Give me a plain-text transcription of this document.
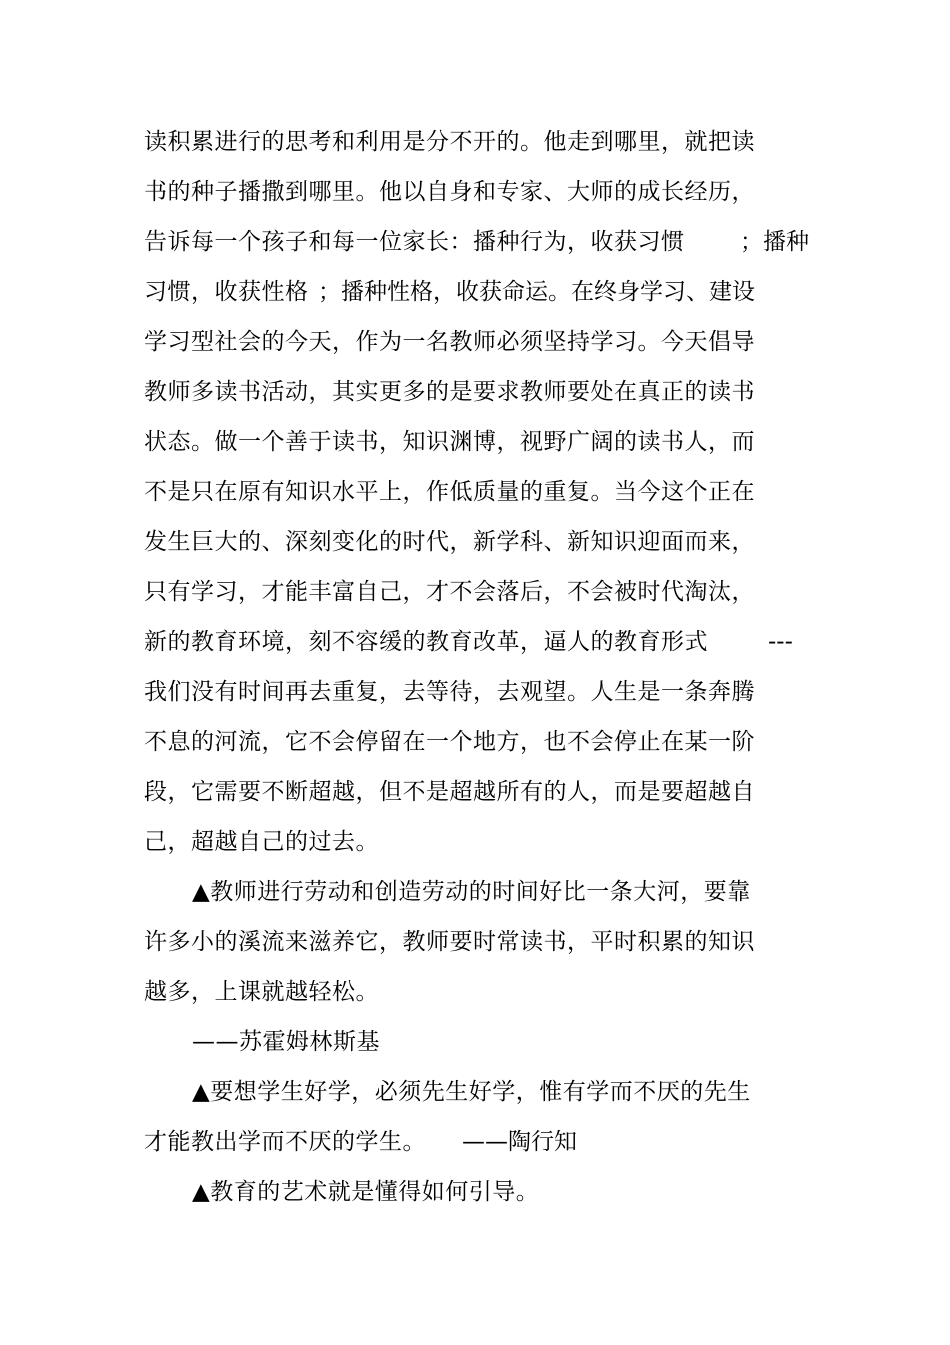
读积累进行的思考和利用是分不开的。他走到哪里，就把读
书的种子播撒到哪里。他以自身和专家、大师的成长经历，
告诉每一个孩子和每一位家长：播种行为，收获习惯 ；播种
习惯，收获性格 ；播种性格，收获命运。在终身学习、建设
学习型社会的今天，作为一名教师必须坚持学习。今天倡导
教师多读书活动，其实更多的是要求教师要处在真正的读书
状态。做一个善于读书，知识渊博，视野广阔的读书人，而
不是只在原有知识水平上，作低质量的重复。当今这个正在
发生巨大的、深刻变化的时代，新学科、新知识迎面而来，
只有学习，才能丰富自己，才不会落后，不会被时代淘汰，
新的教育环境，刻不容缓的教育改革，逼人的教育形式	---
我们没有时间再去重复，去等待，去观望。人生是一条奔腾
不息的河流，它不会停留在一个地方，也不会停止在某一阶
段，它需要不断超越，但不是超越所有的人，而是要超越自
己，超越自己的过去。
▲教师进行劳动和创造劳动的时间好比一条大河，要靠
许多小的溪流来滋养它，教师要时常读书，平时积累的知识
越多，上课就越轻松。
——苏霍姆林斯基
▲要想学生好学，必须先生好学，惟有学而不厌的先生
才能教出学而不厌的学生。 ——陶行知
▲教育的艺术就是懂得如何引导。
